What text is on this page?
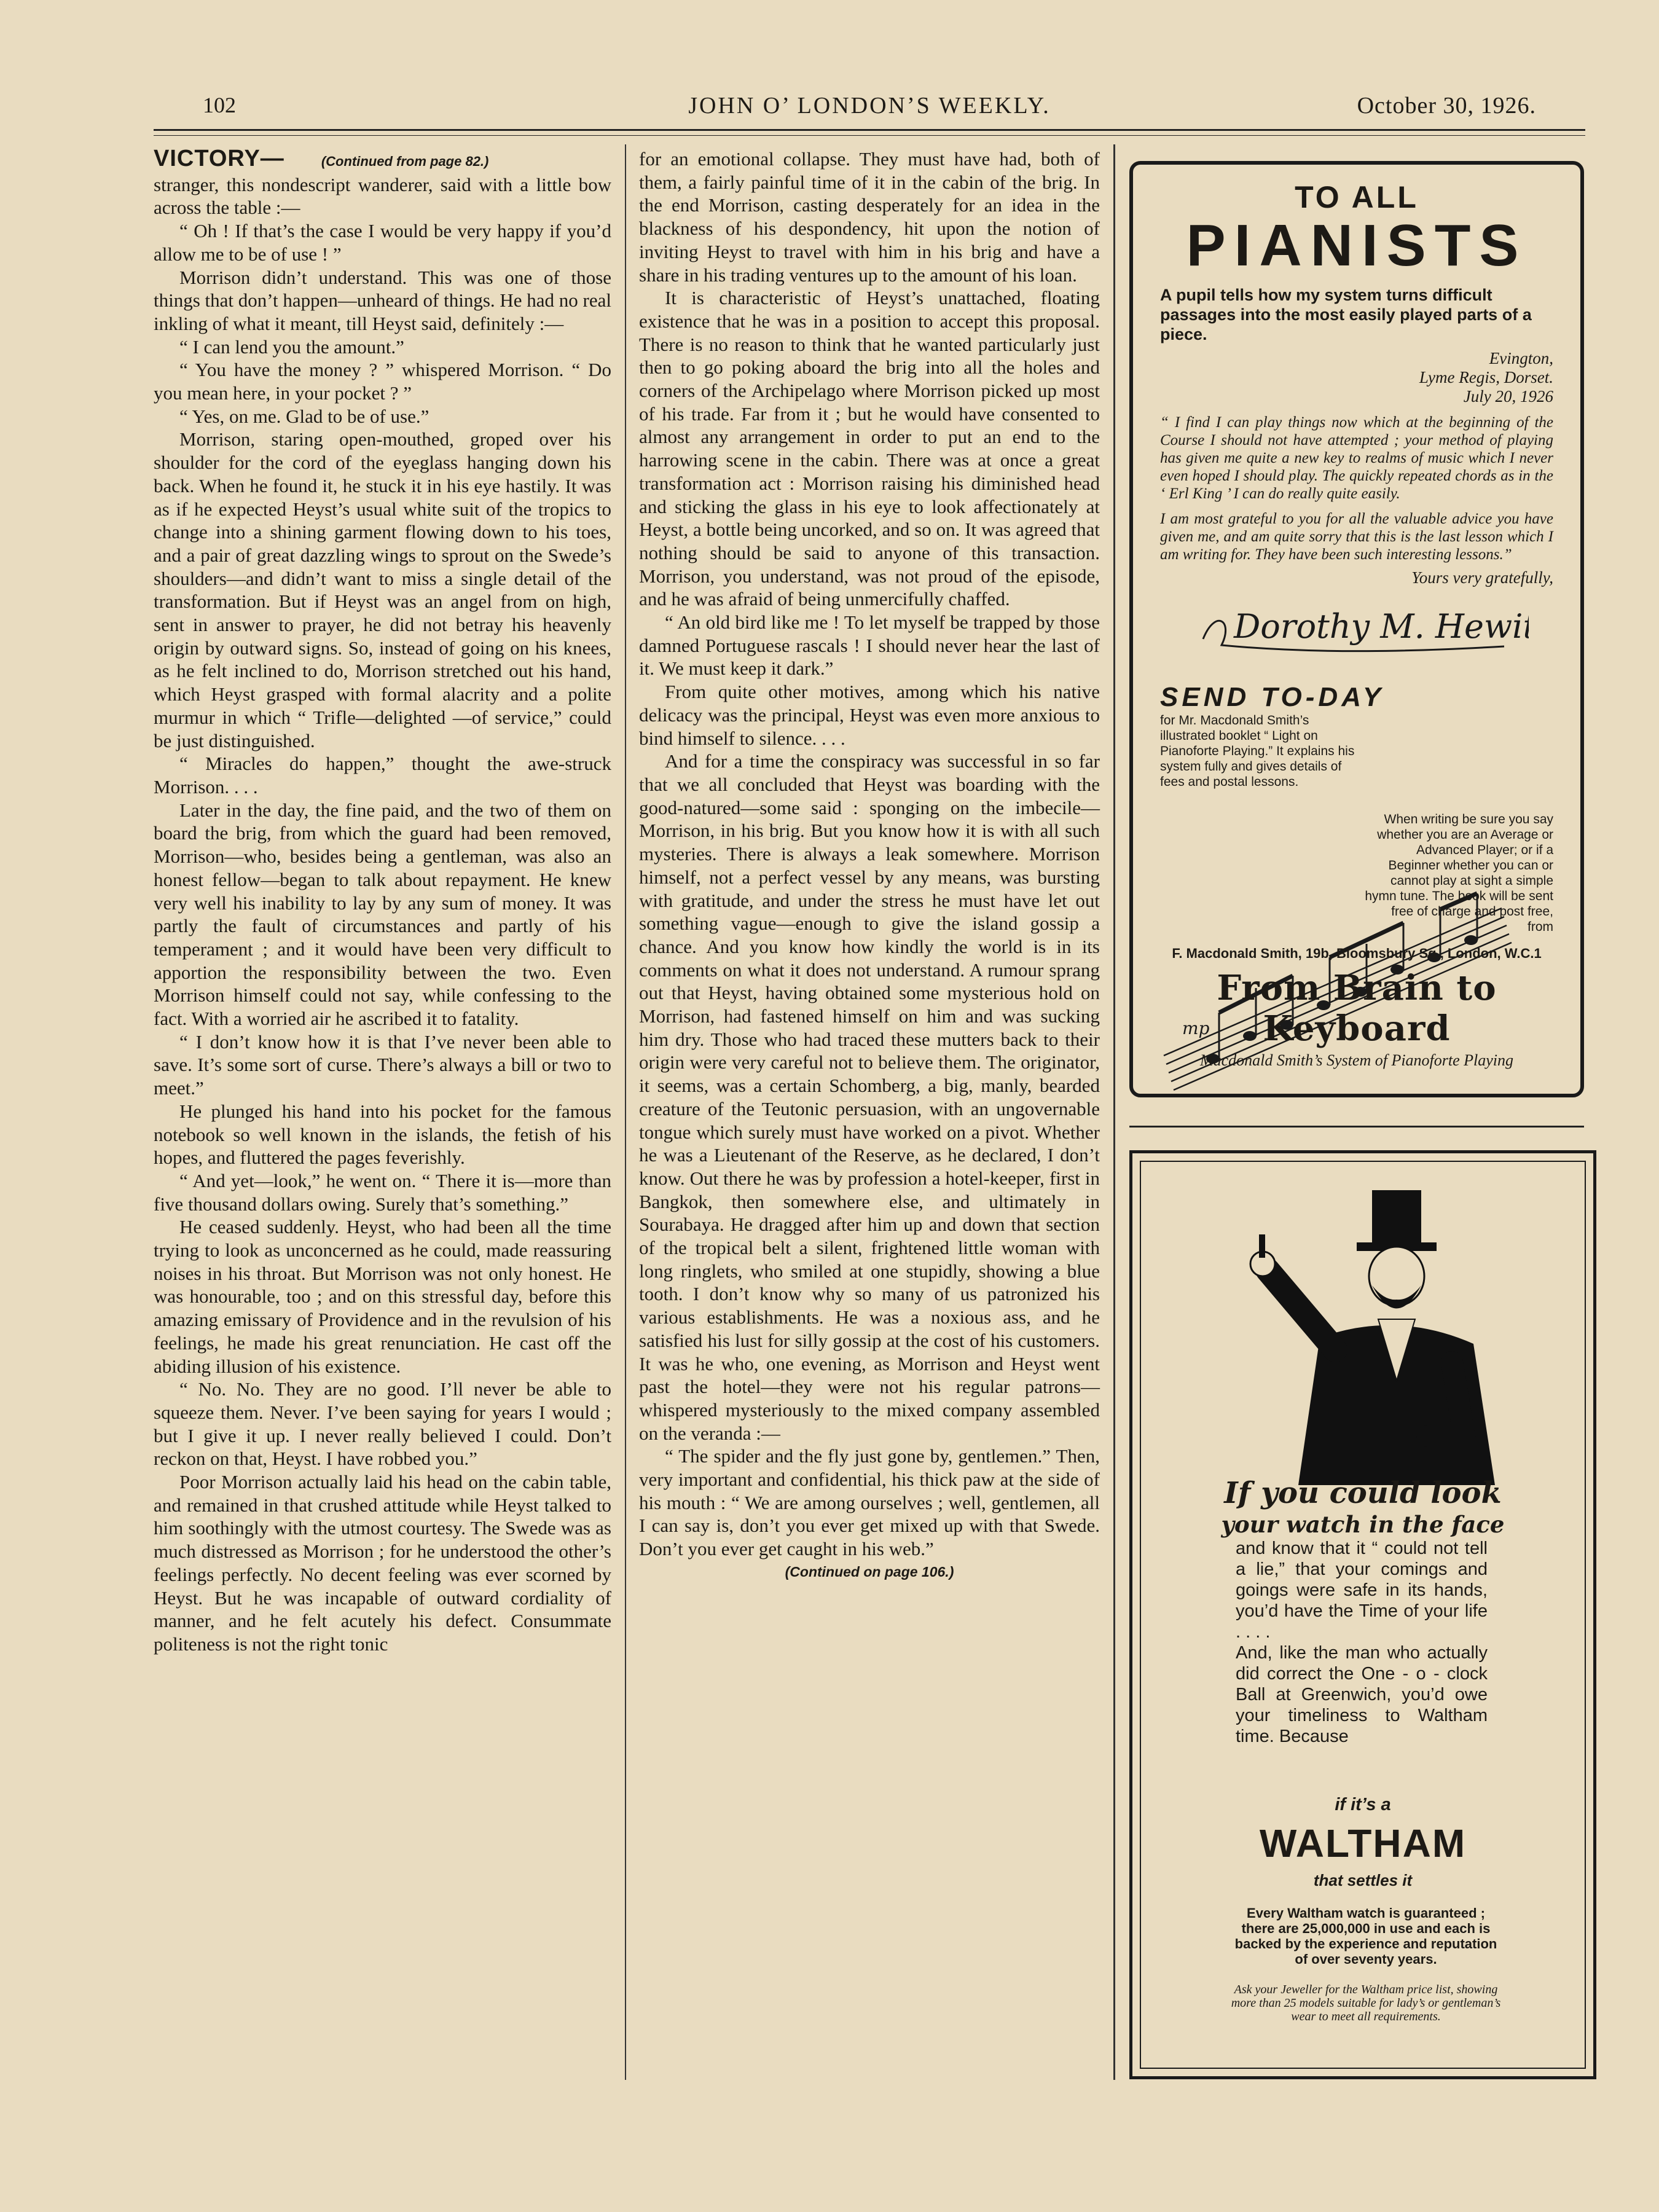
102	JOHN O’ LONDON’S WEEKLY.	October 30, 1926.

VICTORY—	(Continued from page 82.)

stranger, this nondescript wanderer, said with a little bow across the table :—

“ Oh ! If that’s the case I would be very happy if you’d allow me to be of use ! ”

Morrison didn’t understand. This was one of those things that don’t happen—unheard of things. He had no real inkling of what it meant, till Heyst said, definitely :—

“ I can lend you the amount.”

“ You have the money ? ” whispered Morrison. “ Do you mean here, in your pocket ? ”

“ Yes, on me. Glad to be of use.”

Morrison, staring open-mouthed, groped over his shoulder for the cord of the eyeglass hanging down his back. When he found it, he stuck it in his eye hastily. It was as if he expected Heyst’s usual white suit of the tropics to change into a shining garment flowing down to his toes, and a pair of great dazzling wings to sprout on the Swede’s shoulders—and didn’t want to miss a single detail of the transformation. But if Heyst was an angel from on high, sent in answer to prayer, he did not betray his heavenly origin by outward signs. So, instead of going on his knees, as he felt inclined to do, Morrison stretched out his hand, which Heyst grasped with formal alacrity and a polite murmur in which “ Trifle—delighted —of service,” could be just distinguished.

“ Miracles do happen,” thought the awe-struck Morrison. . . .

Later in the day, the fine paid, and the two of them on board the brig, from which the guard had been removed, Morrison—who, besides being a gentleman, was also an honest fellow—began to talk about repayment. He knew very well his inability to lay by any sum of money. It was partly the fault of circumstances and partly of his temperament ; and it would have been very difficult to apportion the responsibility between the two. Even Morrison himself could not say, while confessing to the fact. With a worried air he ascribed it to fatality.

“ I don’t know how it is that I’ve never been able to save. It’s some sort of curse. There’s always a bill or two to meet.”

He plunged his hand into his pocket for the famous notebook so well known in the islands, the fetish of his hopes, and fluttered the pages feverishly.

“ And yet—look,” he went on. “ There it is—more than five thousand dollars owing. Surely that’s something.”

He ceased suddenly. Heyst, who had been all the time trying to look as unconcerned as he could, made reassuring noises in his throat. But Morrison was not only honest. He was honourable, too ; and on this stressful day, before this amazing emissary of Providence and in the revulsion of his feelings, he made his great renunciation. He cast off the abiding illusion of his existence.

“ No. No. They are no good. I’ll never be able to squeeze them. Never. I’ve been saying for years I would ; but I give it up. I never really believed I could. Don’t reckon on that, Heyst. I have robbed you.”

Poor Morrison actually laid his head on the cabin table, and remained in that crushed attitude while Heyst talked to him soothingly with the utmost courtesy. The Swede was as much distressed as Morrison ; for he understood the other’s feelings perfectly. No decent feeling was ever scorned by Heyst. But he was incapable of outward cordiality of manner, and he felt acutely his defect. Consummate politeness is not the right tonic

for an emotional collapse. They must have had, both of them, a fairly painful time of it in the cabin of the brig. In the end Morrison, casting desperately for an idea in the blackness of his despondency, hit upon the notion of inviting Heyst to travel with him in his brig and have a share in his trading ventures up to the amount of his loan.

It is characteristic of Heyst’s unattached, floating existence that he was in a position to accept this proposal. There is no reason to think that he wanted particularly just then to go poking aboard the brig into all the holes and corners of the Archipelago where Morrison picked up most of his trade. Far from it ; but he would have consented to almost any arrangement in order to put an end to the harrowing scene in the cabin. There was at once a great transformation act : Morrison raising his diminished head and sticking the glass in his eye to look affectionately at Heyst, a bottle being uncorked, and so on. It was agreed that nothing should be said to anyone of this transaction. Morrison, you understand, was not proud of the episode, and he was afraid of being unmercifully chaffed.

“ An old bird like me ! To let myself be trapped by those damned Portuguese rascals ! I should never hear the last of it. We must keep it dark.”

From quite other motives, among which his native delicacy was the principal, Heyst was even more anxious to bind himself to silence. . . .

And for a time the conspiracy was successful in so far that we all concluded that Heyst was boarding with the good-natured—some said : sponging on the imbecile—Morrison, in his brig. But you know how it is with all such mysteries. There is always a leak somewhere. Morrison himself, not a perfect vessel by any means, was bursting with gratitude, and under the stress he must have let out something vague—enough to give the island gossip a chance. And you know how kindly the world is in its comments on what it does not understand. A rumour sprang out that Heyst, having obtained some mysterious hold on Morrison, had fastened himself on him and was sucking him dry. Those who had traced these mutters back to their origin were very careful not to believe them. The originator, it seems, was a certain Schomberg, a big, manly, bearded creature of the Teutonic persuasion, with an ungovernable tongue which surely must have worked on a pivot. Whether he was a Lieutenant of the Reserve, as he declared, I don’t know. Out there he was by profession a hotel-keeper, first in Bangkok, then somewhere else, and ultimately in Sourabaya. He dragged after him up and down that section of the tropical belt a silent, frightened little woman with long ringlets, who smiled at one stupidly, showing a blue tooth. I don’t know why so many of us patronized his various establishments. He was a noxious ass, and he satisfied his lust for silly gossip at the cost of his customers. It was he who, one evening, as Morrison and Heyst went past the hotel—they were not his regular patrons—whispered mysteriously to the mixed company assembled on the veranda :—

“ The spider and the fly just gone by, gentlemen.” Then, very important and confidential, his thick paw at the side of his mouth : “ We are among ourselves ; well, gentlemen, all I can say is, don’t you ever get mixed up with that Swede. Don’t you ever get caught in his web.”

(Continued on page 106.)

mp
TO ALL
PIANISTS
A pupil tells how my system turns difficult passages into the most easily played parts of a piece.
Evington,
Lyme Regis, Dorset.
July 20, 1926
“ I find I can play things now which at the beginning of the Course I should not have attempted ; your method of playing has given me quite a new key to realms of music which I never even hoped I should play. The quickly repeated chords as in the ‘ Erl King ’ I can do really quite easily.
I am most grateful to you for all the valuable advice you have given me, and am quite sorry that this is the last lesson which I am writing for. They have been such interesting lessons.”
Yours very gratefully,
Dorothy M. Hewitt
SEND TO-DAY
for Mr. Macdonald Smith’s illustrated booklet “ Light on Pianoforte Playing.” It explains his system fully and gives details of fees and postal lessons.
When writing be sure you say whether you are an Average or Advanced Player; or if a Beginner whether you can or cannot play at sight a simple hymn tune. The book will be sent free of charge and post free, from
F. Macdonald Smith, 19b, Bloomsbury Sq., London, W.C.1
From Brain to Keyboard
Macdonald Smith’s System of Pianoforte Playing
If you could look
your watch in the face

and know that it “ could not tell a lie,” that your comings and goings were safe in its hands, you’d have the Time of your life . . . .

And, like the man who actually did correct the One - o - clock Ball at Greenwich, you’d owe your timeliness to Waltham time. Because

if it’s a
WALTHAM
that settles it
Every Waltham watch is guaranteed ; there are 25,000,000 in use and each is backed by the experience and reputation of over seventy years.
Ask your Jeweller for the Waltham price list, showing more than 25 models suitable for lady’s or gentleman’s wear to meet all requirements.
